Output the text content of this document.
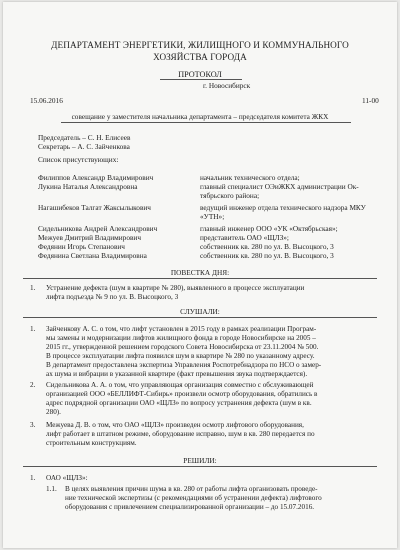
ДЕПАРТАМЕНТ ЭНЕРГЕТИКИ, ЖИЛИЩНОГО И КОММУНАЛЬНОГО
ХОЗЯЙСТВА ГОРОДА
ПРОТОКОЛ
г. Новосибирск
15.06.2016	11-00
совещание у заместителя начальника департамента – председателя комитета ЖКХ
Председатель – С. Н. Елисеев
Секретарь – А. С. Зайченкова
Список присутствующих:
Филиппов Александр Владимирович	начальник технического отдела;
Лукина Наталья Александровна	главный специалист ОЭиЖКХ администрации Ок-
тябрьского района;
Нагашибеков Талгат Жаксылыкович	ведущий инженер отдела технического надзора МКУ
«УТН»;
Сидельникова Андрей Александрович	главный инженер ООО «УК «Октябрьская»;
Межуев Дмитрий Владимирович	представитель ОАО «ЩЛЗ»;
Федянин Игорь Степанович	собственник кв. 280 по ул. В. Высоцкого, 3
Федянина Светлана Владимировна	собственник кв. 280 по ул. В. Высоцкого, 3
ПОВЕСТКА ДНЯ:
1. Устранение дефекта (шум в квартире № 280), выявленного в процессе эксплуатации
лифта подъезда № 9 по ул. В. Высоцкого, 3
СЛУШАЛИ:
1. Зайченкову А. С. о том, что лифт установлен в 2015 году в рамках реализации Програм-
мы замены и модернизации лифтов жилищного фонда в городе Новосибирске на 2005 –
2015 гг., утвержденной решением городского Совета Новосибирска от 23.11.2004 № 500.
В процессе эксплуатации лифта появился шум в квартире № 280 по указанному адресу.
В департамент предоставлена экспертиза Управления Роспотребнадзора по НСО о замер-
ах шума и вибрации в указанной квартире (факт превышения звука подтверждается).
2. Сидельникова А. А. о том, что управляющая организация совместно с обслуживающей
организацией ООО «БЕЛЛИФТ-Сибирь» произвели осмотр оборудования, обратились в
адрес подрядной организации ОАО «ЩЛЗ» по вопросу устранения дефекта (шум в кв.
280).
3. Межуева Д. В. о том, что ОАО «ЩЛЗ» произведен осмотр лифтового оборудования,
лифт работает в штатном режиме, оборудование исправно, шум в кв. 280 передается по
строительным конструкциям.
РЕШИЛИ:
1. ОАО «ЩЛЗ»:
1.1. В целях выявления причин шума в кв. 280 от работы лифта организовать проведе-
ние технической экспертизы (с рекомендациями об устранении дефекта) лифтового
оборудования с привлечением специализированной организации – до 15.07.2016.
